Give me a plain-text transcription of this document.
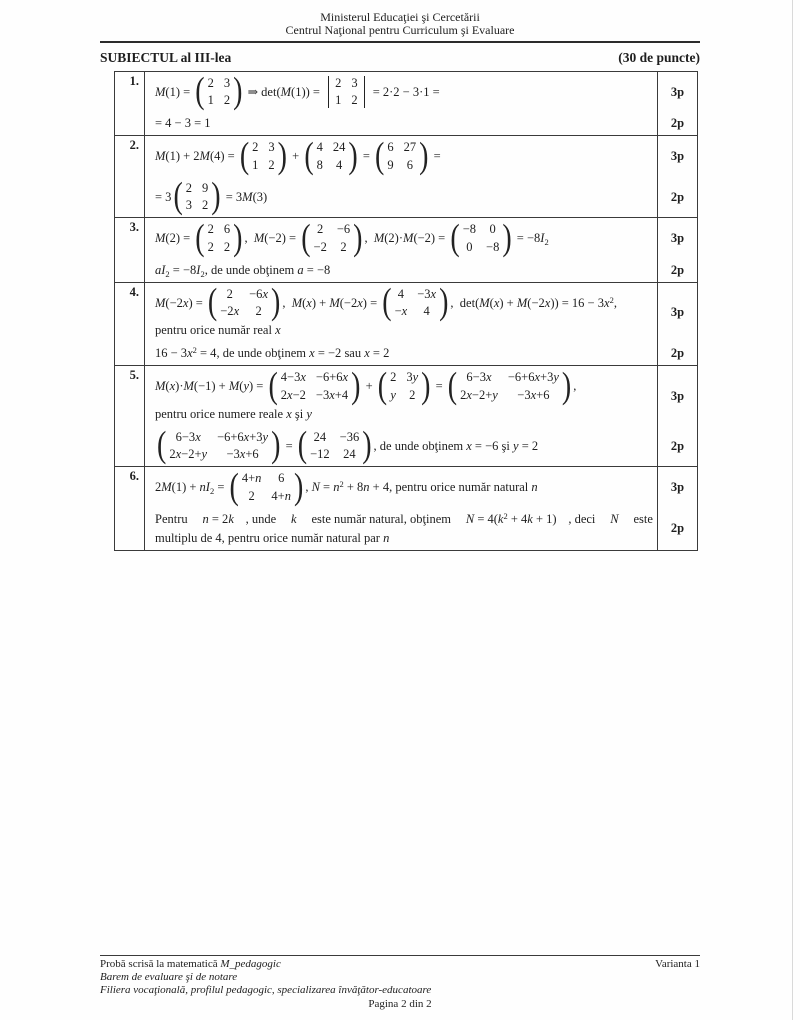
Ministerul Educaţiei şi Cercetării
Centrul Naţional pentru Curriculum şi Evaluare
SUBIECTUL al III-lea	(30 de puncte)
1.
M(1) = ( 2 3
1 2 ) ⇒ det (M(1)) =
2 3
1 2
= 2·2 − 3·1 =	3p
= 4 − 3 = 1	2p
2.
M(1) + 2M(4) = ( 2 3
1 2 ) + ( 4 24
8 4 ) = ( 6 27
9 6 ) =	3p
= 3 ( 2 9
3 2 ) = 3M(3)	2p
3.
M(2) = ( 2 6
2 2 ) , M(−2) = ( 2 −6
−2 2 ) , M(2)·M(−2) = ( −8 0
0 −8 ) = $-8I_2$	3p
$aI_2 = -8I_2$ , de unde obţinem a = −8	2p
4.
M(−2x) = ( 2	−6x
−2x	2 ) , M(x) + M(−2x) = ( 4 −3x
−x	4 ) ,  $\det (M(x) + M(-2x)) = 16 - 3x^2$ ,
pentru orice număr real x
3p
$16 - 3x^2 = 4$ , de unde obţinem x = −2 sau x = 2	2p
5.
M(x)·M(−1) + M(y) = ( 4−3x −6+6x
2x−2 −3x+4 ) + ( 2 3y
y 2 ) = ( 6−3x	−6+6x+3y
2x−2+y	−3x+6 ) ,
pentru orice numere reale x şi y
3p
( 6−3x	−6+6x+3y
2x−2+y	−3x+6 ) = ( 24 −36
−12 24 ) , de unde obţinem x = −6 şi y = 2	2p
6.
$2M(1) + nI_2$ = ( 4+n	6
2	4+n ) , $N = n^2 + 8n + 4$ , pentru orice număr natural n	3p
Pentru n = 2k , unde k este număr natural, obţinem $N = 4(k^2 + 4k + 1)$ , deci N este
multiplu de 4, pentru orice număr natural par n
2p
Probă scrisă la matematică M_pedagogic	Varianta 1
Barem de evaluare şi de notare
Filiera vocaţională, profilul pedagogic, specializarea învăţător-educatoare
Pagina 2 din 2
